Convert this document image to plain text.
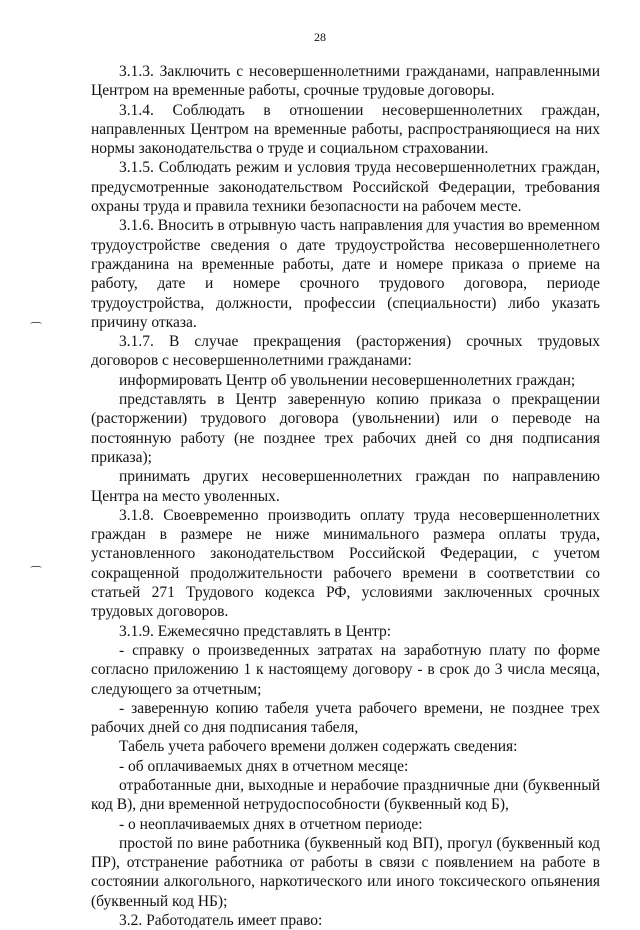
28

3.1.3. Заключить с несовершеннолетними гражданами, направленными Центром на временные работы, срочные трудовые договоры.

3.1.4. Соблюдать в отношении несовершеннолетних граждан, направленных Центром на временные работы, распространяющиеся на них нормы законодательства о труде и социальном страховании.

3.1.5. Соблюдать режим и условия труда несовершеннолетних граждан, предусмотренные законодательством Российской Федерации, требования охраны труда и правила техники безопасности на рабочем месте.

3.1.6. Вносить в отрывную часть направления для участия во временном трудоустройстве сведения о дате трудоустройства несовершеннолетнего гражданина на временные работы, дате и номере приказа о приеме на работу, дате и номере срочного трудового договора, периоде трудоустройства, должности, профессии (специальности) либо указать причину отказа.

3.1.7. В случае прекращения (расторжения) срочных трудовых договоров с несовершеннолетними гражданами:

информировать Центр об увольнении несовершеннолетних граждан;

представлять в Центр заверенную копию приказа о прекращении (расторжении) трудового договора (увольнении) или о переводе на постоянную работу (не позднее трех рабочих дней со дня подписания приказа);

принимать других несовершеннолетних граждан по направлению Центра на место уволенных.

3.1.8. Своевременно производить оплату труда несовершеннолетних граждан в размере не ниже минимального размера оплаты труда, установленного законодательством Российской Федерации, с учетом сокращенной продолжительности рабочего времени в соответствии со статьей 271 Трудового кодекса РФ, условиями заключенных срочных трудовых договоров.

3.1.9. Ежемесячно представлять в Центр:

- справку о произведенных затратах на заработную плату по форме согласно приложению 1 к настоящему договору - в срок до 3 числа месяца, следующего за отчетным;

- заверенную копию табеля учета рабочего времени, не позднее трех рабочих дней со дня подписания табеля,

Табель учета рабочего времени должен содержать сведения:

- об оплачиваемых днях в отчетном месяце:

отработанные дни, выходные и нерабочие праздничные дни (буквенный код В), дни временной нетрудоспособности (буквенный код Б),

- о неоплачиваемых днях в отчетном периоде:

простой по вине работника (буквенный код ВП), прогул (буквенный код ПР), отстранение работника от работы в связи с появлением на работе в состоянии алкогольного, наркотического или иного токсического опьянения (буквенный код НБ);

3.2. Работодатель имеет право:
